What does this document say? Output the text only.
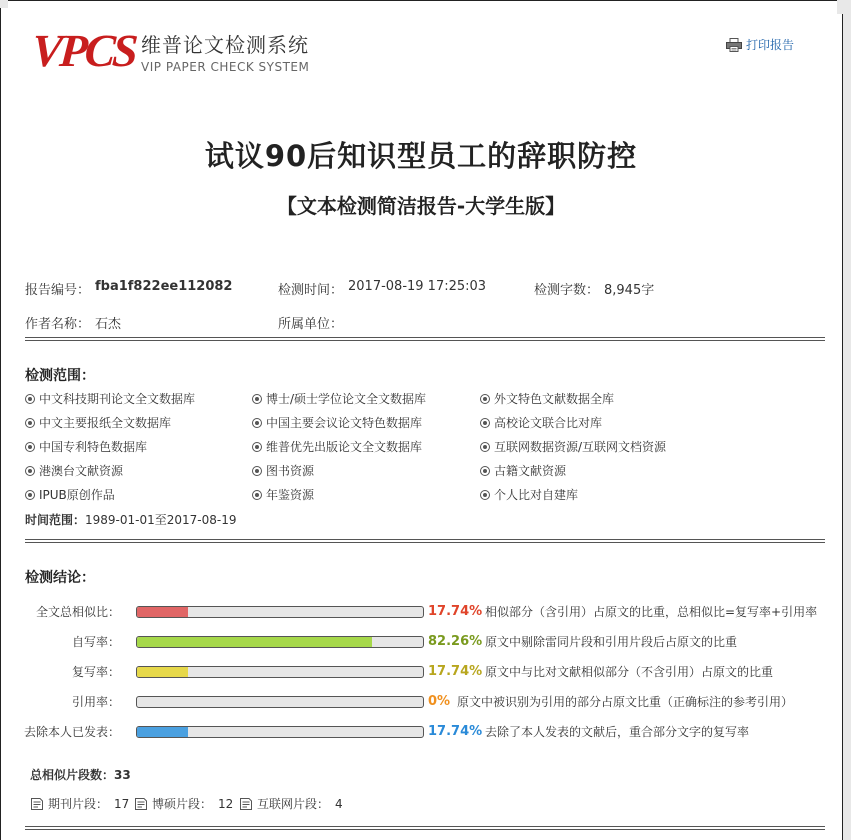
VPCS 维普论文检测系统
VIP PAPER CHECK SYSTEM
打印报告
试议90后知识型员工的辞职防控
【文本检测简洁报告-大学生版】
报告编号： fba1f822ee112082	检测时间： 2017-08-19 17:25:03	检测字数： 8,945字
作者名称： 石杰	所属单位：
检测范围：
中文科技期刊论文全文数据库	博士/硕士学位论文全文数据库	外文特色文献数据全库
中文主要报纸全文数据库	中国主要会议论文特色数据库	高校论文联合比对库
中国专利特色数据库	维普优先出版论文全文数据库	互联网数据资源/互联网文档资源
港澳台文献资源	图书资源	古籍文献资源
IPUB原创作品	年鉴资源	个人比对自建库
时间范围：1989-01-01至2017-08-19
检测结论：
全文总相似比：	17.74% 相似部分（含引用）占原文的比重，总相似比=复写率+引用率
自写率：	82.26% 原文中剔除雷同片段和引用片段后占原文的比重
复写率：	17.74% 原文中与比对文献相似部分（不含引用）占原文的比重
引用率：	0% 原文中被识别为引用的部分占原文比重（正确标注的参考引用）
去除本人已发表：	17.74% 去除了本人发表的文献后，重合部分文字的复写率
总相似片段数：33
期刊片段： 17 博硕片段： 12 互联网片段： 4
